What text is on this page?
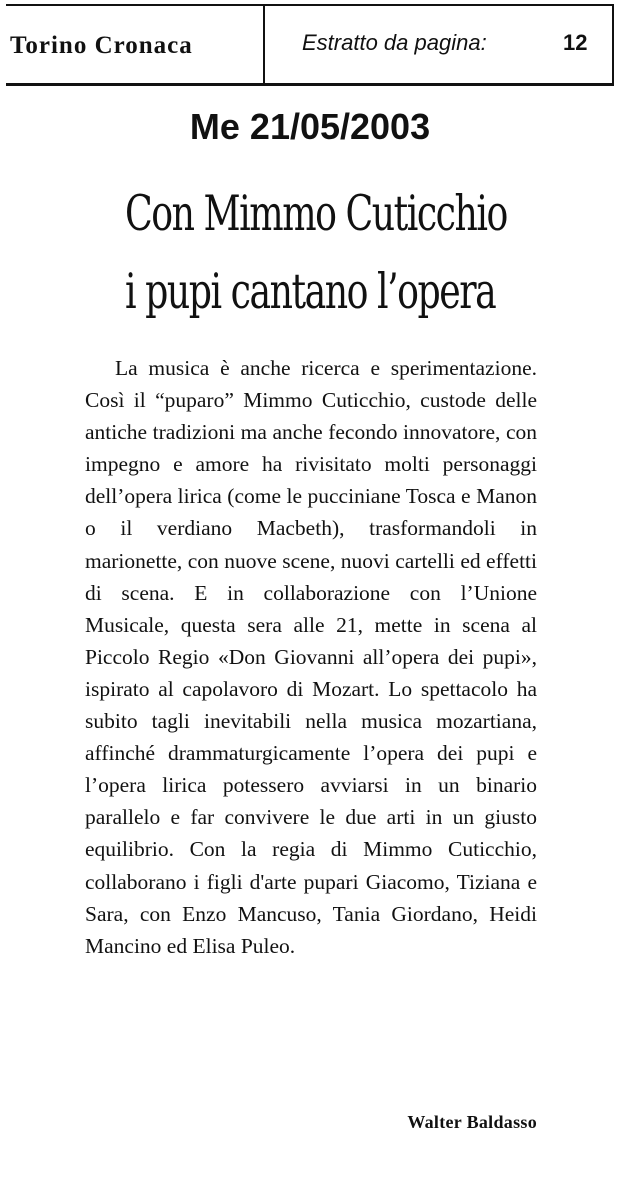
Torino Cronaca	Estratto da pagina:	12
Me 21/05/2003
Con Mimmo Cuticchio
i pupi cantano l’opera

La musica è anche ricerca e sperimentazione. Così il “puparo” Mimmo Cuticchio, custode delle antiche tradizioni ma anche fecondo innovatore, con impegno e amore ha rivisitato molti personaggi dell’opera lirica (come le pucciniane Tosca e Manon o il verdiano Macbeth), trasformandoli in marionette, con nuove scene, nuovi cartelli ed effetti di scena. E in collaborazione con l’Unione Musicale, questa sera alle 21, mette in scena al Piccolo Regio «Don Giovanni all’opera dei pupi», ispirato al capolavoro di Mozart. Lo spettacolo ha subito tagli inevitabili nella musica mozartiana, affinché drammaturgicamente l’opera dei pupi e l’opera lirica potessero avviarsi in un binario parallelo e far convivere le due arti in un giusto equilibrio. Con la regia di Mimmo Cuticchio, collaborano i figli d'arte pupari Giacomo, Tiziana e Sara, con Enzo Mancuso, Tania Giordano, Heidi Mancino ed Elisa Puleo.

Walter Baldasso
